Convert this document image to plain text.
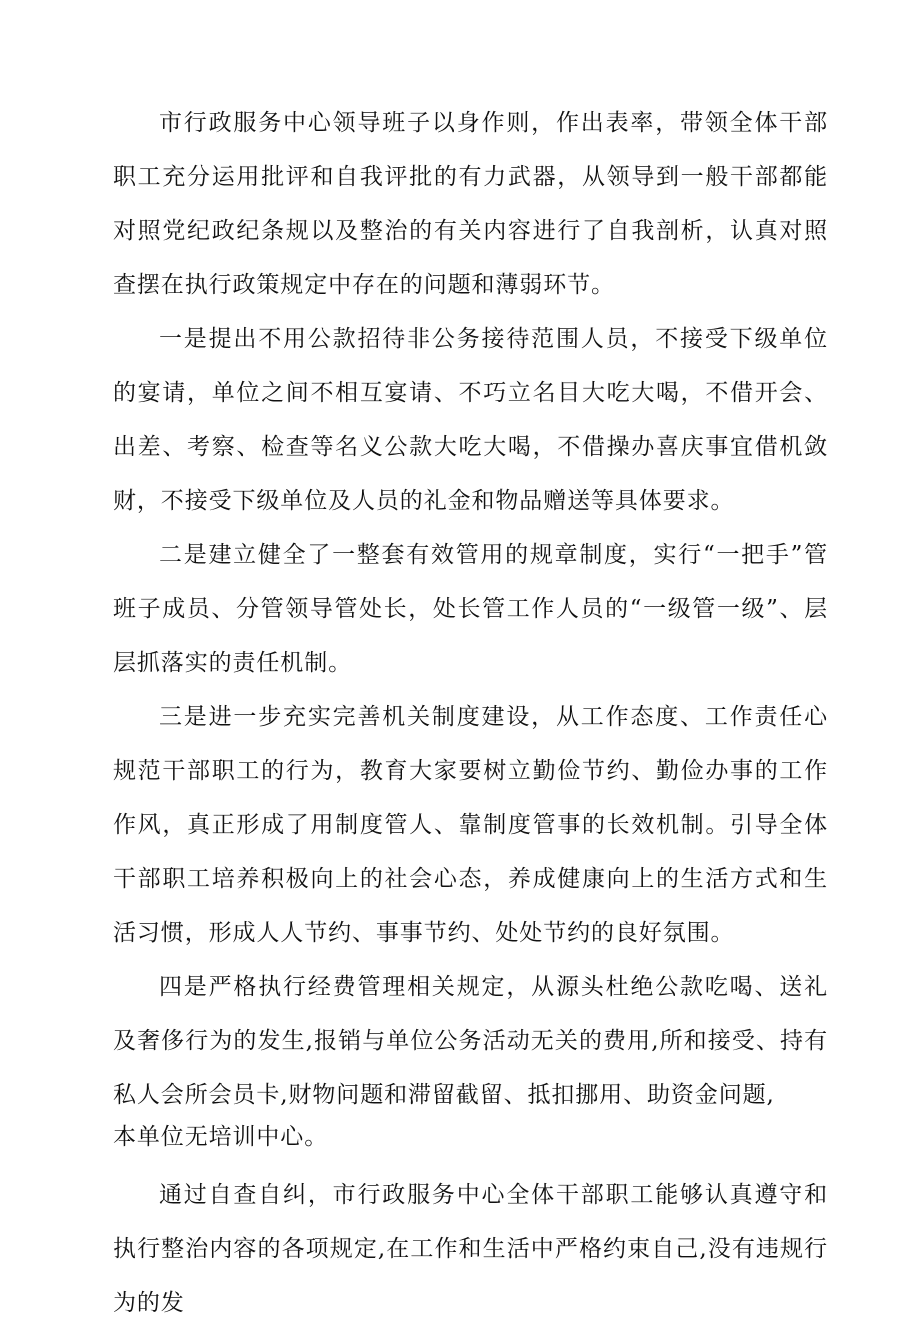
市行政服务中心领导班子以身作则，作出表率，带领全体干部职工充分运用批评和自我评批的有力武器，从领导到一般干部都能对照党纪政纪条规以及整治的有关内容进行了自我剖析，认真对照查摆在执行政策规定中存在的问题和薄弱环节。

一是提出不用公款招待非公务接待范围人员，不接受下级单位的宴请，单位之间不相互宴请、不巧立名目大吃大喝，不借开会、出差、考察、检查等名义公款大吃大喝，不借操办喜庆事宜借机敛财，不接受下级单位及人员的礼金和物品赠送等具体要求。

二是建立健全了一整套有效管用的规章制度，实行“一把手”管班子成员、分管领导管处长，处长管工作人员的“一级管一级”、层层抓落实的责任机制。

三是进一步充实完善机关制度建设，从工作态度、工作责任心规范干部职工的行为，教育大家要树立勤俭节约、勤俭办事的工作作风，真正形成了用制度管人、靠制度管事的长效机制。引导全体干部职工培养积极向上的社会心态，养成健康向上的生活方式和生活习惯，形成人人节约、事事节约、处处节约的良好氛围。

四是严格执行经费管理相关规定，从源头杜绝公款吃喝、送礼及奢侈行为的发生,报销与单位公务活动无关的费用,所和接受、持有私人会所会员卡,财物问题和滞留截留、抵扣挪用、助资金问题,

本单位无培训中心。

通过自查自纠，市行政服务中心全体干部职工能够认真遵守和执行整治内容的各项规定,在工作和生活中严格约束自己,没有违规行为的发
